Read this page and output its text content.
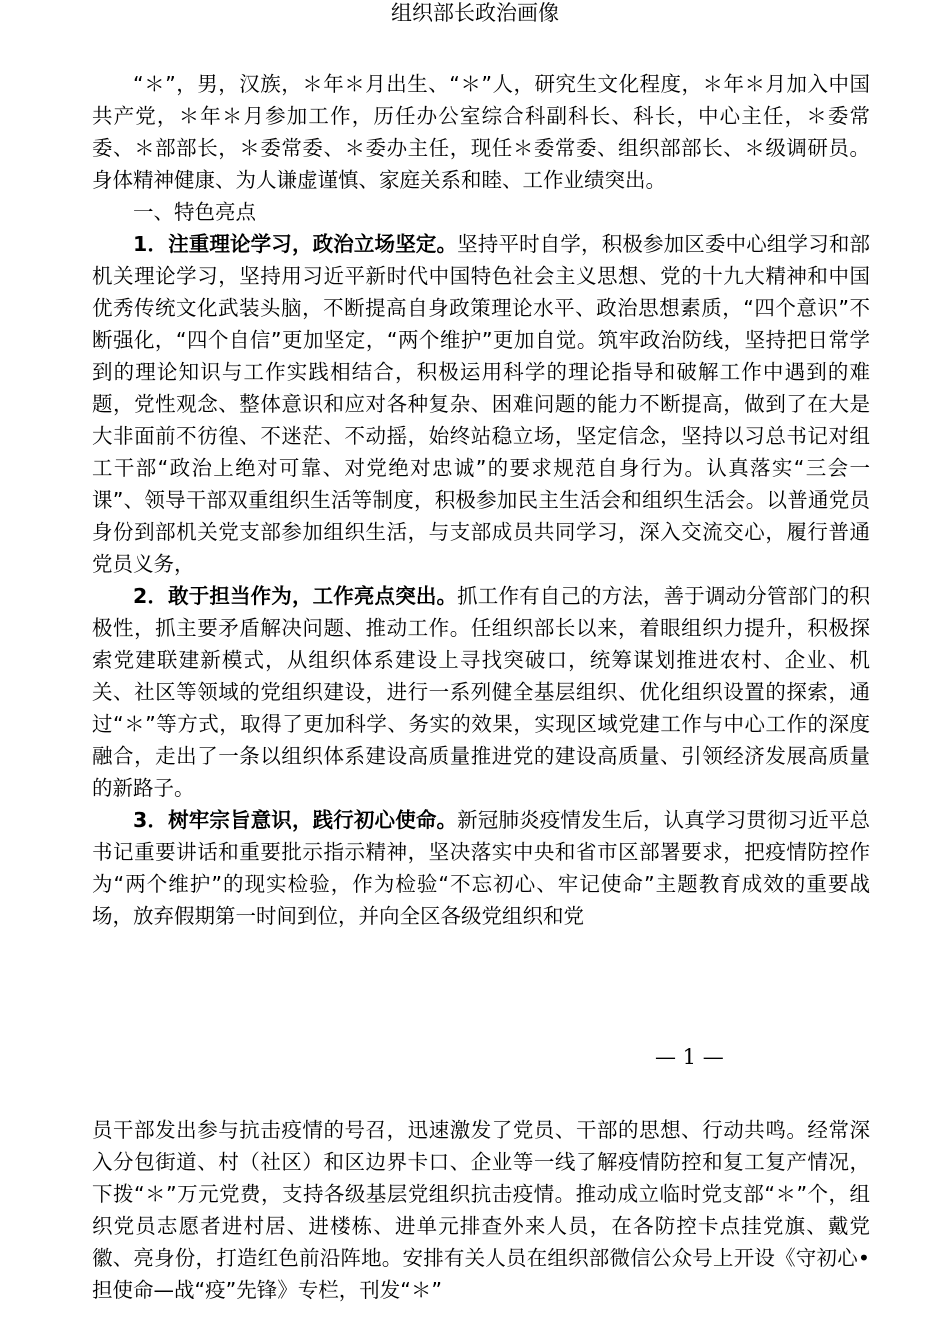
组织部长政治画像

“＊”，男，汉族，＊年＊月出生、“＊”人，研究生文化程度，＊年＊月加入中国共产党，＊年＊月参加工作，历任办公室综合科副科长、科长，中心主任，＊委常委、＊部部长，＊委常委、＊委办主任，现任＊委常委、组织部部长、＊级调研员。身体精神健康、为人谦虚谨慎、家庭关系和睦、工作业绩突出。

一、特色亮点

1．注重理论学习，政治立场坚定。坚持平时自学，积极参加区委中心组学习和部机关理论学习，坚持用习近平新时代中国特色社会主义思想、党的十九大精神和中国优秀传统文化武装头脑，不断提高自身政策理论水平、政治思想素质，“四个意识”不断强化，“四个自信”更加坚定，“两个维护”更加自觉。筑牢政治防线，坚持把日常学到的理论知识与工作实践相结合，积极运用科学的理论指导和破解工作中遇到的难题，党性观念、整体意识和应对各种复杂、困难问题的能力不断提高，做到了在大是大非面前不彷徨、不迷茫、不动摇，始终站稳立场，坚定信念，坚持以习总书记对组工干部“政治上绝对可靠、对党绝对忠诚”的要求规范自身行为。认真落实“三会一课”、领导干部双重组织生活等制度，积极参加民主生活会和组织生活会。以普通党员身份到部机关党支部参加组织生活，与支部成员共同学习，深入交流交心，履行普通党员义务，

2．敢于担当作为，工作亮点突出。抓工作有自己的方法，善于调动分管部门的积极性，抓主要矛盾解决问题、推动工作。任组织部长以来，着眼组织力提升，积极探索党建联建新模式，从组织体系建设上寻找突破口，统筹谋划推进农村、企业、机关、社区等领域的党组织建设，进行一系列健全基层组织、优化组织设置的探索，通过“＊”等方式，取得了更加科学、务实的效果，实现区域党建工作与中心工作的深度融合，走出了一条以组织体系建设高质量推进党的建设高质量、引领经济发展高质量的新路子。

3．树牢宗旨意识，践行初心使命。新冠肺炎疫情发生后，认真学习贯彻习近平总书记重要讲话和重要批示指示精神，坚决落实中央和省市区部署要求，把疫情防控作为“两个维护”的现实检验，作为检验“不忘初心、牢记使命”主题教育成效的重要战场，放弃假期第一时间到位，并向全区各级党组织和党

— 1 —

员干部发出参与抗击疫情的号召，迅速激发了党员、干部的思想、行动共鸣。经常深入分包街道、村（社区）和区边界卡口、企业等一线了解疫情防控和复工复产情况，下拨“＊”万元党费，支持各级基层党组织抗击疫情。推动成立临时党支部“＊”个，组织党员志愿者进村居、进楼栋、进单元排查外来人员，在各防控卡点挂党旗、戴党徽、亮身份，打造红色前沿阵地。安排有关人员在组织部微信公众号上开设《守初心•担使命—战“疫”先锋》专栏，刊发“＊”
